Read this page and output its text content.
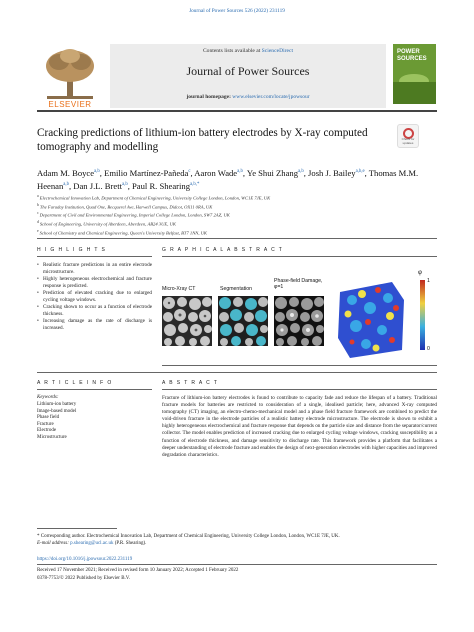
Journal of Power Sources 526 (2022) 231119
ELSEVIER
Contents lists available at ScienceDirect
Journal of Power Sources
journal homepage: www.elsevier.com/locate/jpowsour
POWER SOURCES
Cracking predictions of lithium-ion battery electrodes by X-ray computed tomography and modelling
Check for updates
Adam M. Boyce$^{a,b}$, Emilio Martínez-Pañeda$^c$, Aaron Wade$^{a,b}$, Ye Shui Zhang$^{a,b}$, Josh J. Bailey$^{a,b,e}$, Thomas M.M. Heenan$^{a,b}$, Dan J.L. Brett$^{a,b}$, Paul R. Shearing$^{a,b,*}$
$^a$ Electrochemical Innovation Lab, Department of Chemical Engineering, University College London, London, WC1E 7JE, UK
$^b$ The Faraday Institution, Quad One, Becquerel Ave, Harwell Campus, Didcot, OX11 0RA, UK
$^c$ Department of Civil and Environmental Engineering, Imperial College London, London, SW7 2AZ, UK
$^d$ School of Engineering, University of Aberdeen, Aberdeen, AB24 3UE, UK
$^e$ School of Chemistry and Chemical Engineering, Queen's University Belfast, BT7 1NN, UK
H I G H L I G H T S	G R A P H I C A L A B S T R A C T
• Realistic fracture predictions in an entire electrode microstructure.
• Highly heterogeneous electrochemical and fracture response is predicted.
• Prediction of elevated cracking due to enlarged cycling voltage windows.
• Cracking shown to occur as a function of electrode thickness.
• Increasing damage as the rate of discharge is increased.
Micro-Xray CT	Segmentation
Phase-field Damage, φ=1
φ
1
0
A R T I C L E I N F O	A B S T R A C T
Keywords:
Lithium-ion battery
Image-based model
Phase field
Fracture
Electrode
Microstructure
Fracture of lithium-ion battery electrodes is found to contribute to capacity fade and reduce the lifespan of a battery. Traditional fracture models for batteries are restricted to consideration of a single, idealised particle; here, advanced X-ray computed tomography (CT) imaging, an electro-chemo-mechanical model and a phase field fracture framework are combined to predict the void-driven fracture in the electrode particles of a realistic battery electrode microstructure. The electrode is shown to exhibit a highly heterogeneous electrochemical and fracture response that depends on the particle size and distance from the separator/current collector. The model enables prediction of increased cracking due to enlarged cycling voltage windows, cracking susceptibility as a function of electrode thickness, and damage sensitivity to discharge rate. This framework provides a platform that facilitates a deeper understanding of electrode fracture and enables the design of next-generation electrodes with higher capacities and improved degradation characteristics.
* Corresponding author. Electrochemical Innovation Lab, Department of Chemical Engineering, University College London, London, WC1E 7JE, UK.
E-mail address: p.shearing@ucl.ac.uk (P.R. Shearing).
https://doi.org/10.1016/j.jpowsour.2022.231119
Received 17 November 2021; Received in revised form 10 January 2022; Accepted 1 February 2022
0378-7753/© 2022 Published by Elsevier B.V.
